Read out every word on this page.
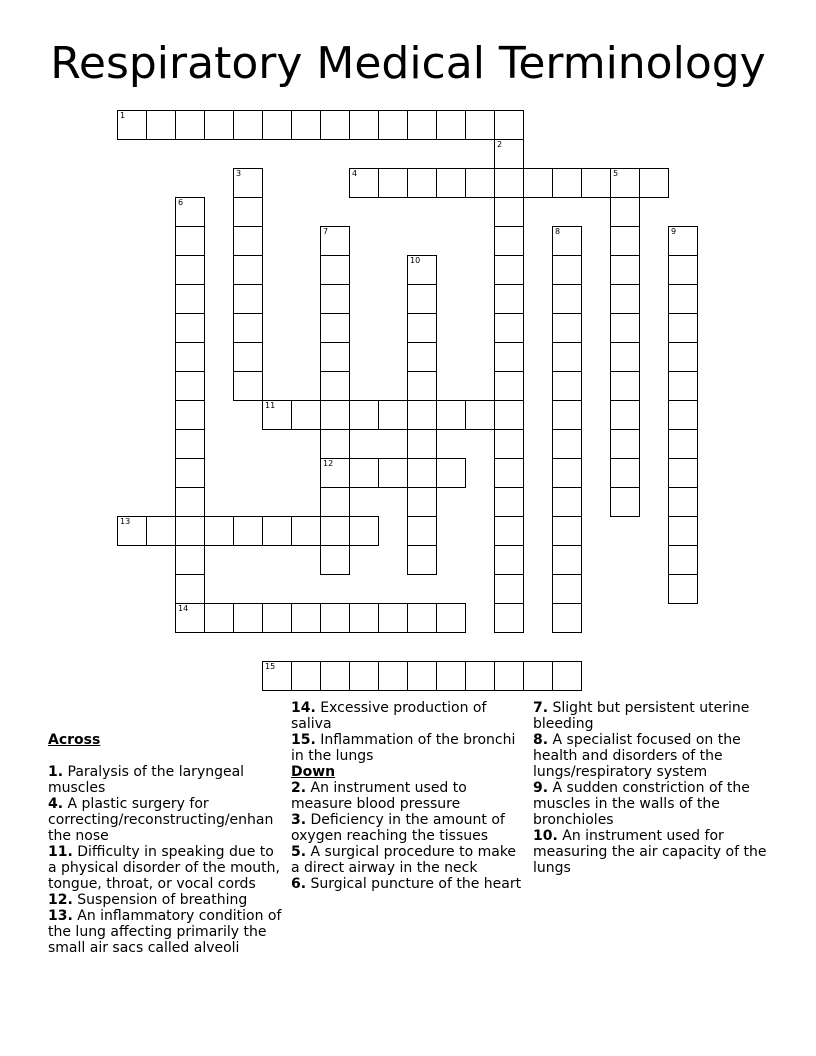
Respiratory Medical Terminology
1
2
3	4	5
6
7	8	9
10
11
12
13
14
15

Across

1. Paralysis of the laryngeal muscles
4. A plastic surgery for correcting/reconstructing/enhan the nose
11. Difficulty in speaking due to a physical disorder of the mouth, tongue, throat, or vocal cords
12. Suspension of breathing
13. An inflammatory condition of the lung affecting primarily the small air sacs called alveoli
14. Excessive production of saliva
15. Inflammation of the bronchi in the lungs
Down
2. An instrument used to measure blood pressure
3. Deficiency in the amount of oxygen reaching the tissues
5. A surgical procedure to make a direct airway in the neck
6. Surgical puncture of the heart
7. Slight but persistent uterine bleeding
8. A specialist focused on the health and disorders of the lungs/respiratory system
9. A sudden constriction of the muscles in the walls of the bronchioles
10. An instrument used for measuring the air capacity of the lungs
